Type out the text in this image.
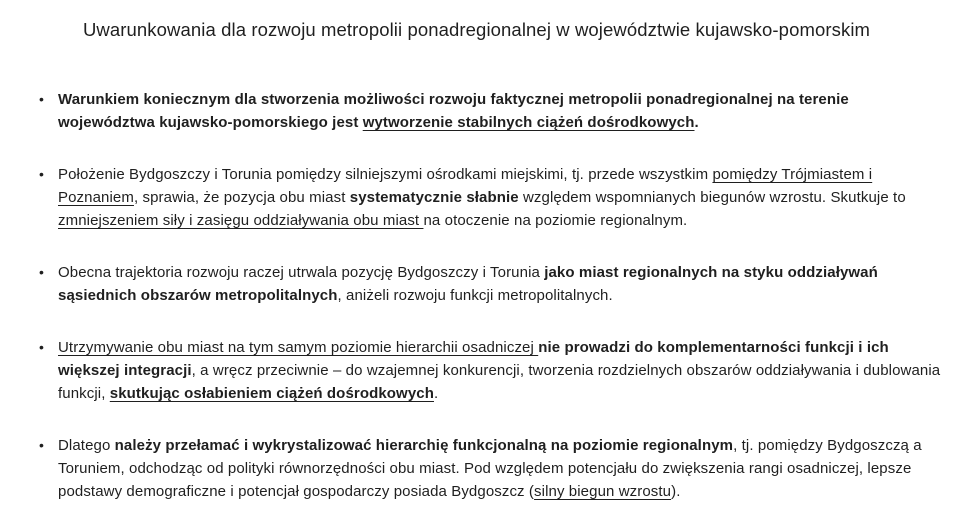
Uwarunkowania dla rozwoju metropolii ponadregionalnej w województwie kujawsko-pomorskim
• Warunkiem koniecznym dla stworzenia możliwości rozwoju faktycznej metropolii ponadregionalnej na terenie województwa kujawsko-pomorskiego jest wytworzenie stabilnych ciążeń dośrodkowych.
• Położenie Bydgoszczy i Torunia pomiędzy silniejszymi ośrodkami miejskimi, tj. przede wszystkim pomiędzy Trójmiastem i Poznaniem, sprawia, że pozycja obu miast systematycznie słabnie względem wspomnianych biegunów wzrostu. Skutkuje to zmniejszeniem siły i zasięgu oddziaływania obu miast na otoczenie na poziomie regionalnym.
• Obecna trajektoria rozwoju raczej utrwala pozycję Bydgoszczy i Torunia jako miast regionalnych na styku oddziaływań sąsiednich obszarów metropolitalnych, aniżeli rozwoju funkcji metropolitalnych.
• Utrzymywanie obu miast na tym samym poziomie hierarchii osadniczej nie prowadzi do komplementarności funkcji i ich większej integracji, a wręcz przeciwnie – do wzajemnej konkurencji, tworzenia rozdzielnych obszarów oddziaływania i dublowania funkcji, skutkując osłabieniem ciążeń dośrodkowych.
• Dlatego należy przełamać i wykrystalizować hierarchię funkcjonalną na poziomie regionalnym, tj. pomiędzy Bydgoszczą a Toruniem, odchodząc od polityki równorzędności obu miast. Pod względem potencjału do zwiększenia rangi osadniczej, lepsze podstawy demograficzne i potencjał gospodarczy posiada Bydgoszcz (silny biegun wzrostu).
